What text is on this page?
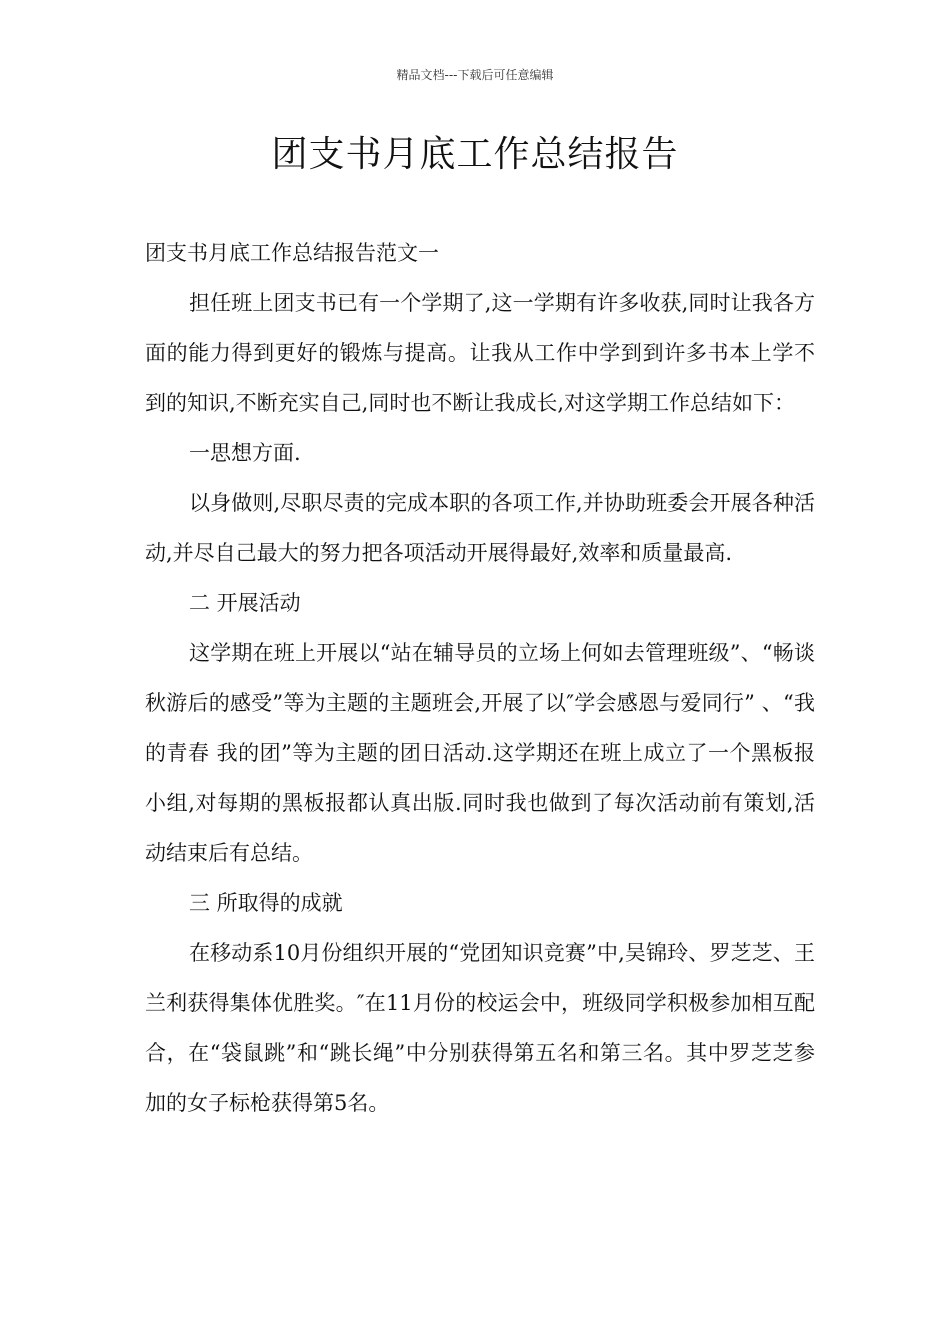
精品文档---下载后可任意编辑
团支书月底工作总结报告

团支书月底工作总结报告范文一

担任班上团支书已有一个学期了,这一学期有许多收获,同时让我各方面的能力得到更好的锻炼与提高。让我从工作中学到到许多书本上学不到的知识,不断充实自己,同时也不断让我成长,对这学期工作总结如下：

一思想方面.

以身做则,尽职尽责的完成本职的各项工作,并协助班委会开展各种活动,并尽自己最大的努力把各项活动开展得最好,效率和质量最高.

二 开展活动

这学期在班上开展以“站在辅导员的立场上何如去管理班级”、“畅谈秋游后的感受”等为主题的主题班会,开展了以″学会感恩与爱同行” 、“我的青春 我的团”等为主题的团日活动.这学期还在班上成立了一个黑板报小组,对每期的黑板报都认真出版.同时我也做到了每次活动前有策划,活动结束后有总结。

三 所取得的成就

在移动系10月份组织开展的“党团知识竞赛”中,吴锦玲、罗芝芝、王兰利获得集体优胜奖。″在11月份的校运会中，班级同学积极参加相互配合，在“袋鼠跳”和“跳长绳”中分别获得第五名和第三名。其中罗芝芝参加的女子标枪获得第5名。
